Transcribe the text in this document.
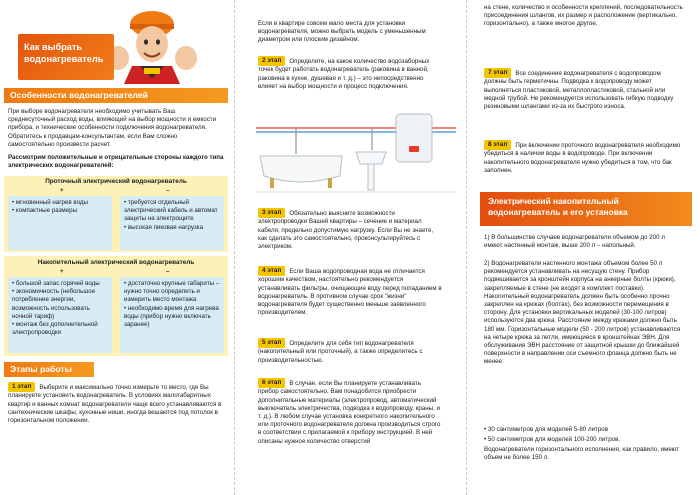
Как выбрать водонагреватель
Особенности водонагревателей

При выборе водонагревателя необходимо учитывать Ваш среднесуточный расход воды, влияющий на выбор мощности и емкости прибора, и технические особенности подключения водонагревателя. Обратитесь к продавцам-консультантам, если Вам сложно самостоятельно произвести расчет.

Рассмотрим положительные и отрицательные стороны каждого типа электрических водонагревателей:

Проточный электрический водонагреватель
+	–
• мгновенный нагрев воды
• компактные размеры
• требуется отдельный электрический кабель и автомат защиты на электрощите
• высокая пиковая нагрузка
Накопительный электрический водонагреватель
+	–
• большой запас горячей воды
• экономичность (небольшое потребление энергии, возможность использовать ночной тариф)
• монтаж без дополнительной электропроводки
• достаточно крупные габариты – нужно точно определить и измерить место монтажа
• необходимо время для нагрева воды (прибор нужно включать заранее)
Этапы работы

1 этап Выберите и максимально точно измерьте то место, где Вы планируете установить водонагреватель. В условиях малогабаритных квартир и ванных комнат водонагреватели чаще всего устанавливаются в сантехнические шкафы, кухонные ниши, иногда вешаются под потолок в горизонтальном положении.

Если в квартире совсем мало места для установки водонагревателя, можно выбрать модель с уменьшенным диаметром или плоским дизайном.

2 этап Определите, на какое количество водозаборных точек будет работать водонагреватель (раковина в ванной, раковина в кухне, душевая и т. д.) – это непосредственно влияет на выбор мощности и процесс подключения.

3 этап Обязательно выясните возможности электропроводки Вашей квартиры – сечение и материал кабеля, предельно допустимую нагрузку. Если Вы не знаете, как сделать это самостоятельно, проконсультируйтесь с электриком.

4 этап Если Ваша водопроводная вода не отличается хорошим качеством, настоятельно рекомендуется устанавливать фильтры, очищающие воду перед попаданием в водонагреватель. В противном случае срок "жизни" водонагревателя будет существенно меньше заявленного производителем.

5 этап Определите для себя тип водонагревателя (накопительный или проточный), а также определитесь с производительностью.

6 этап В случае, если Вы планируете устанавливать прибор самостоятельно, Вам понадобится приобрести дополнительные материалы (электропровод, автоматический выключатель электричества, подводка к водопроводу, краны, и т. д.). В любом случае установка конкретного накопительного или проточного водонагревателя должна производиться строго в соответствии с прилагаемой к прибору инструкцией. В ней описаны нужное количество отверстий

на стене, количество и особенности креплений, последовательность присоединения шлангов, их размер и расположение (вертикально, горизонтально), а также многое другое.

7 этап Все соединения водонагревателя с водопроводом должны быть герметичны. Подводка к водопроводу может выполняться пластиковой, металлопластиковой, стальной или медной трубой. Не рекомендуется использовать гибкую подводку резиновыми шлангами из-за их быстрого износа.

8 этап При включении проточного водонагревателя необходимо убедиться в наличии воды в водопроводе. При включении накопительного водонагревателя нужно убедиться в том, что бак заполнен.

Электрический накопительный водонагреватель и его установка

1) В большинстве случаев водонагреватели объемом до 200 л имеют настенный монтаж, выше 200 л – напольный.

2) Водонагреватели настенного монтажа объемом более 50 л рекомендуется устанавливать на несущую стену. Прибор подвешивается за кронштейн корпуса на анкерные болты (крюки), закрепляемые в стене (не входят в комплект поставки). Накопительный водонагреватель должен быть особенно прочно закреплен на крюках (болтах), без возможности перемещения в сторону. Для установки вертикальных моделей (30-100 литров) используются два крюка. Расстояние между крюками должно быть 180 мм. Горизонтальные модели (50 - 200 литров) устанавливаются на четыре крюка за петли, имеющиеся в кронштейнах ЭВН. Для обслуживания ЭВН расстояние от защитной крышки до ближайшей поверхности в направлении оси съемного фланца должно быть не менее:

• 30 сантиметров для моделей 5-80 литров

• 50 сантиметров для моделей 100-200 литров.

Водонагреватели горизонтального исполнения, как правило, имеют объем не более 150 л.
